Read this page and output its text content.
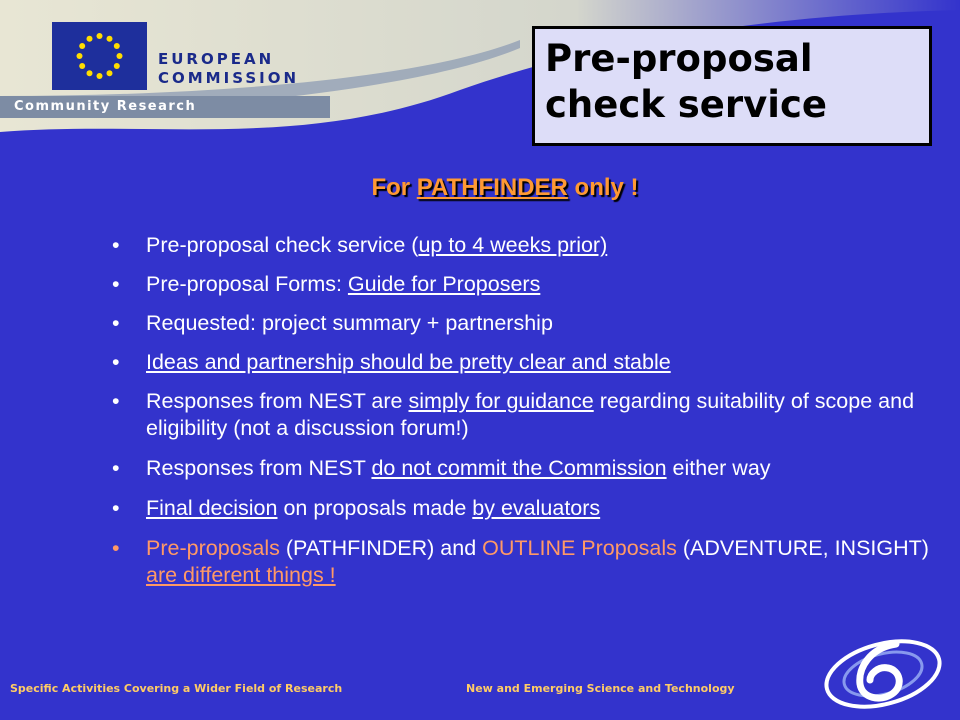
EUROPEAN
COMMISSION
Community Research
Pre-proposal
check service
For PATHFINDER only !
• Pre-proposal check service (up to 4 weeks prior)
• Pre-proposal Forms: Guide for Proposers
• Requested: project summary + partnership
• Ideas and partnership should be pretty clear and stable
• Responses from NEST are simply for guidance regarding suitability of scope and eligibility (not a discussion forum!)
• Responses from NEST do not commit the Commission either way
• Final decision on proposals made by evaluators
• Pre-proposals (PATHFINDER) and OUTLINE Proposals (ADVENTURE, INSIGHT) are different things !
Specific Activities Covering a Wider Field of Research	New and Emerging Science and Technology
